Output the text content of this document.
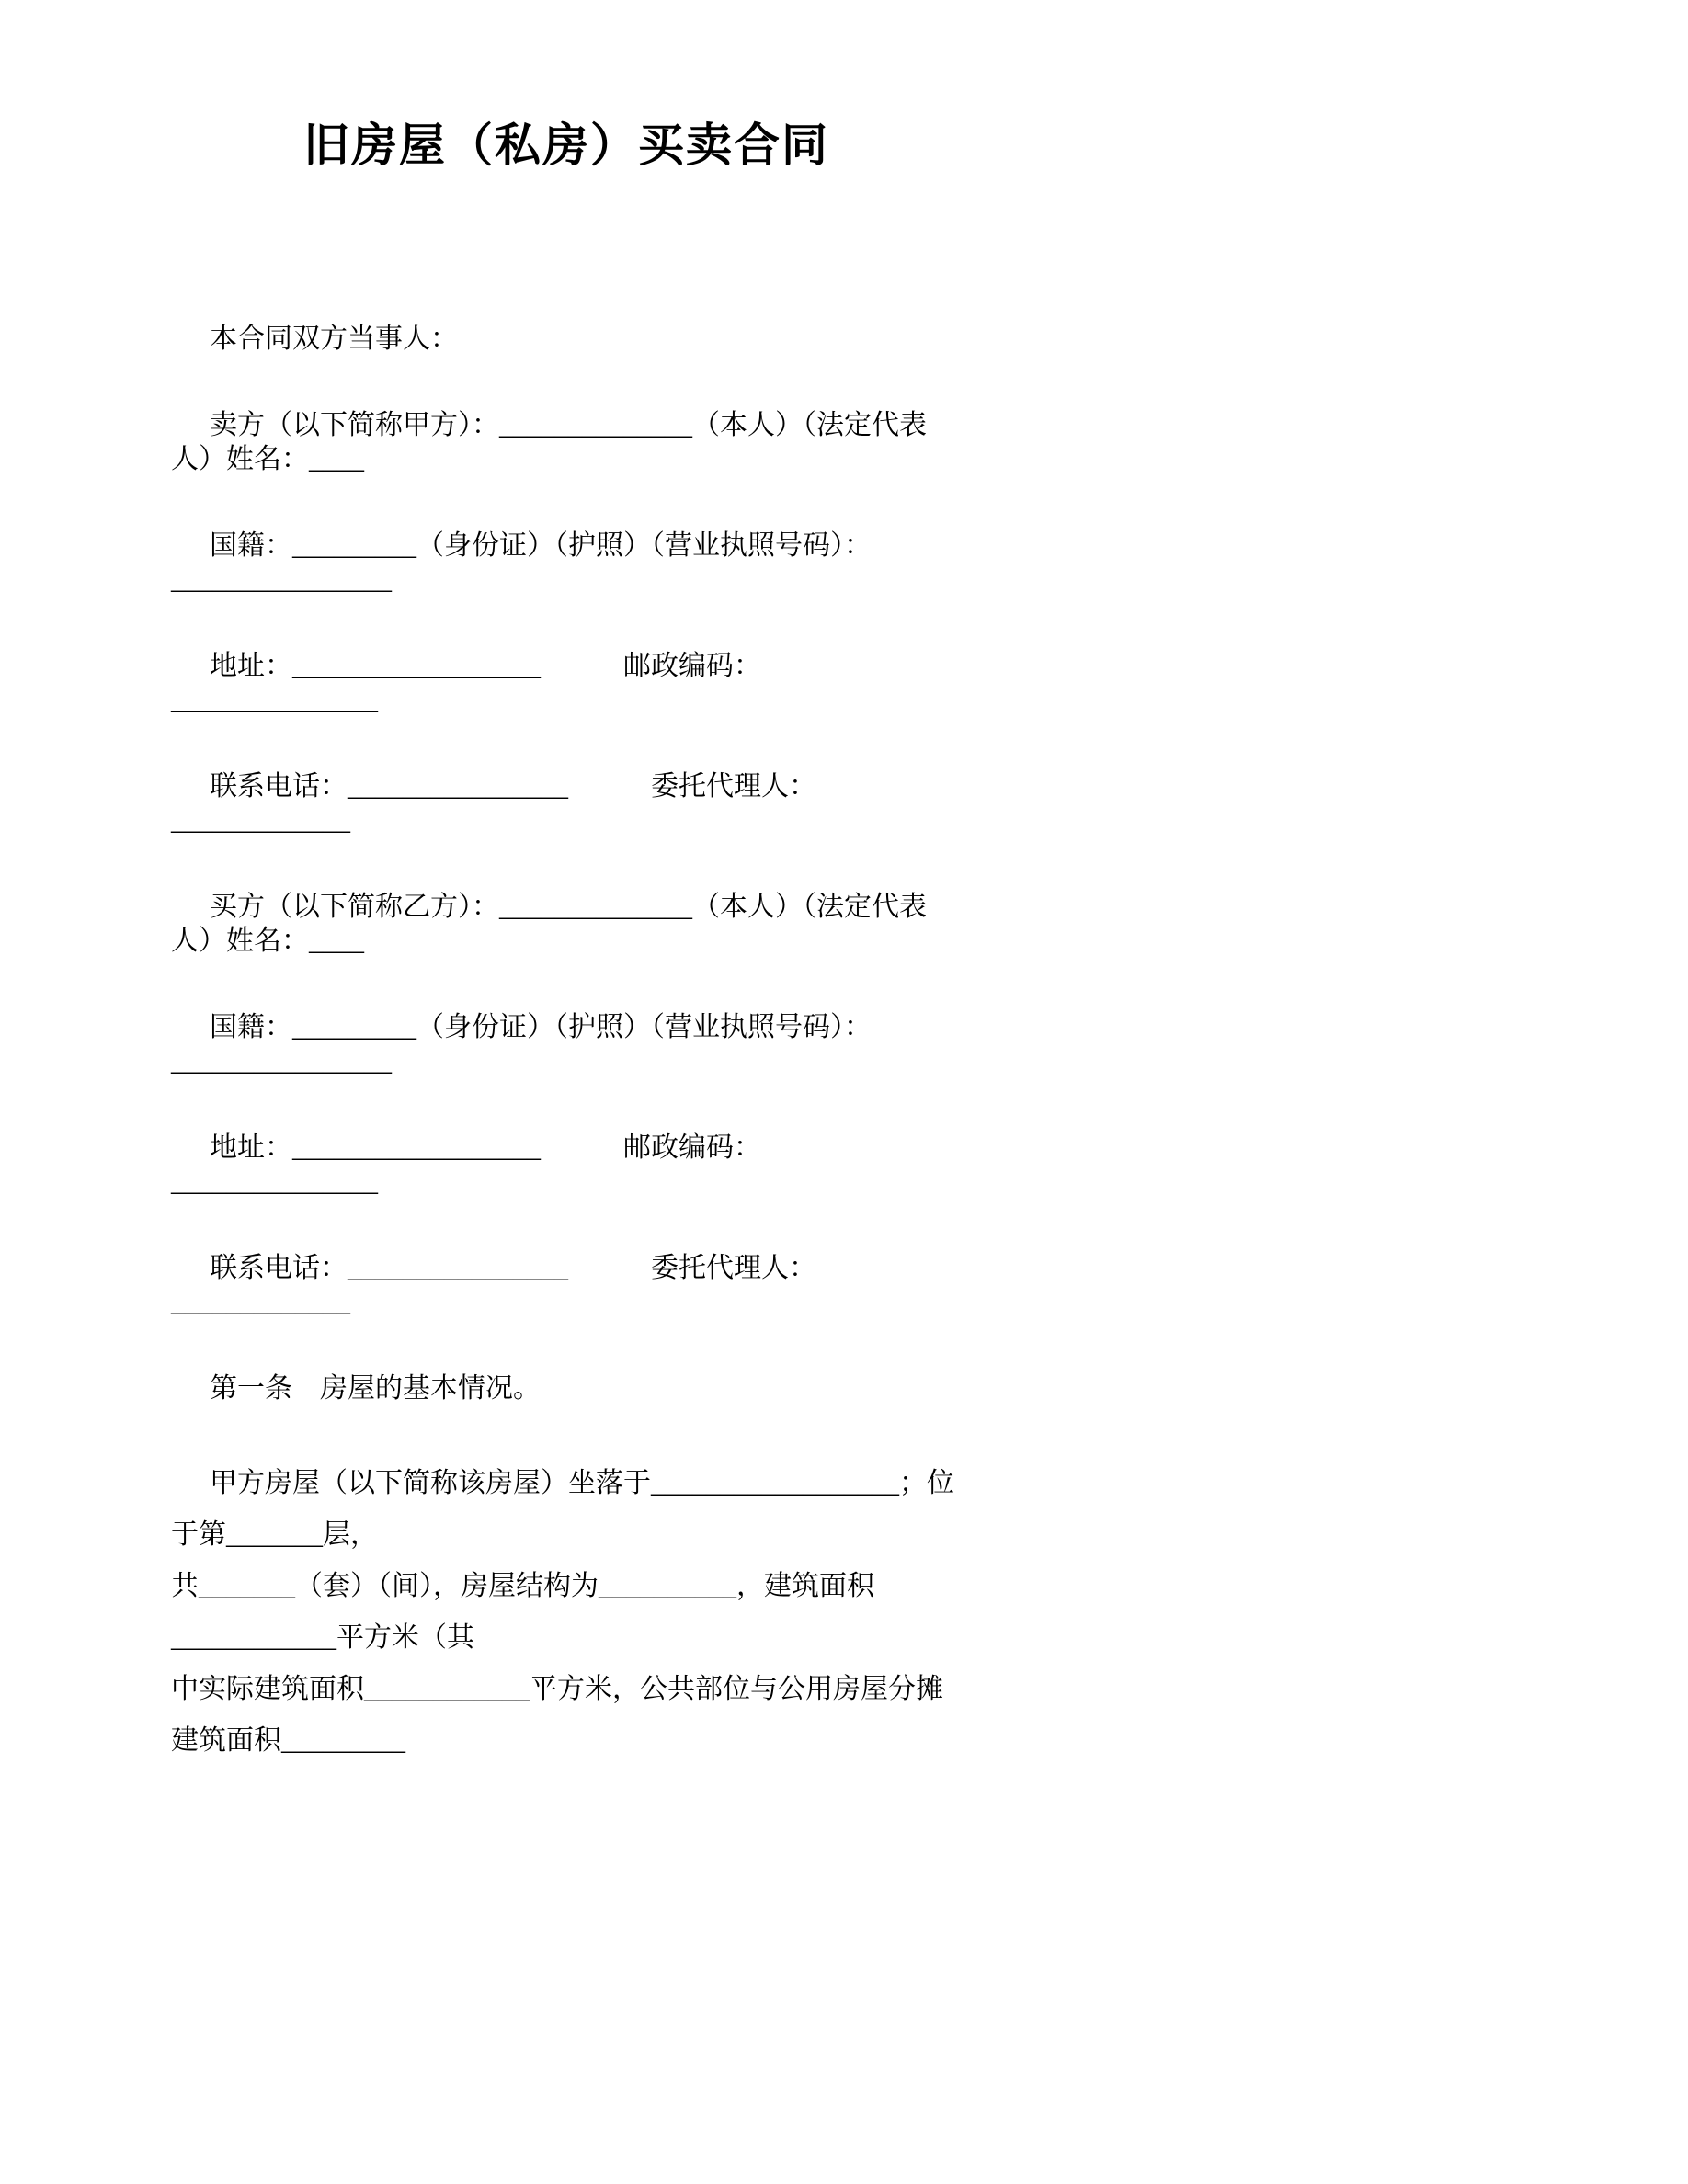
旧房屋（私房）买卖合同

本合同双方当事人：

卖方（以下简称甲方）：______________（本人）（法定代表人）姓名：____

国籍：_________（身份证）（护照）（营业执照号码）：________________

地址：__________________　　　邮政编码：_______________

联系电话：________________　　　委托代理人：_____________

买方（以下简称乙方）：______________（本人）（法定代表人）姓名：____

国籍：_________（身份证）（护照）（营业执照号码）：________________

地址：__________________　　　邮政编码：_______________

联系电话：________________　　　委托代理人：_____________

第一条　房屋的基本情况。

甲方房屋（以下简称该房屋）坐落于__________________；位于第_______层，

共_______（套）（间），房屋结构为__________，建筑面积____________平方米（其

中实际建筑面积____________平方米，公共部位与公用房屋分摊建筑面积_________
